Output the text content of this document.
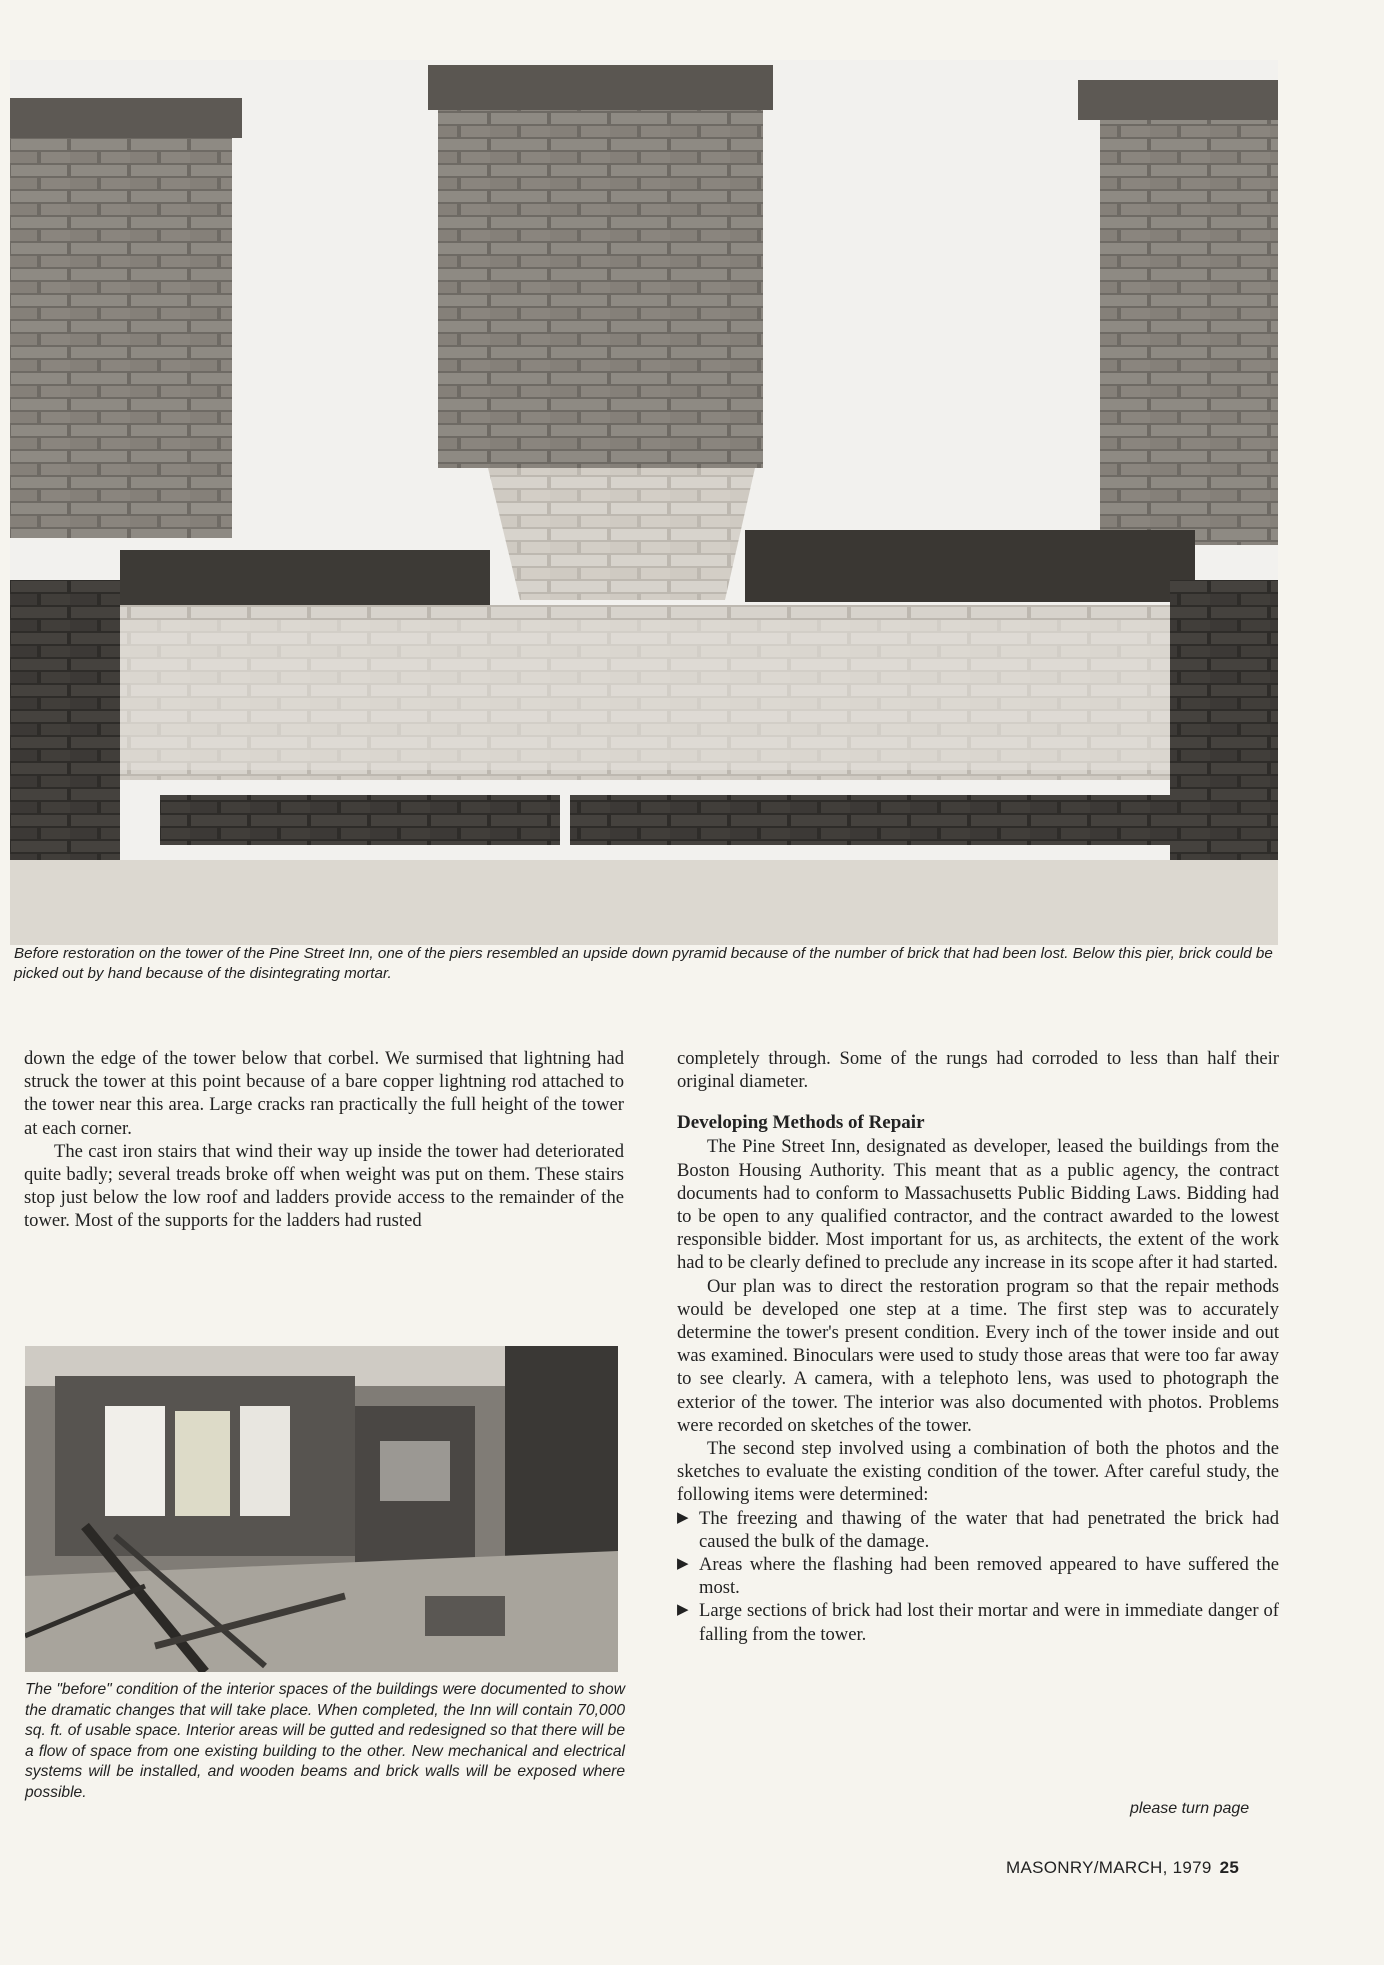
Before restoration on the tower of the Pine Street Inn, one of the piers resembled an upside down pyramid because of the number of brick that had been lost. Below this pier, brick could be picked out by hand because of the disintegrating mortar.

down the edge of the tower below that corbel. We surmised that lightning had struck the tower at this point because of a bare copper lightning rod attached to the tower near this area. Large cracks ran practically the full height of the tower at each corner.

The cast iron stairs that wind their way up inside the tower had deteriorated quite badly; several treads broke off when weight was put on them. These stairs stop just below the low roof and ladders provide access to the remainder of the tower. Most of the supports for the ladders had rusted

The "before" condition of the interior spaces of the buildings were documented to show the dramatic changes that will take place. When completed, the Inn will contain 70,000 sq. ft. of usable space. Interior areas will be gutted and redesigned so that there will be a flow of space from one existing building to the other. New mechanical and electrical systems will be installed, and wooden beams and brick walls will be exposed where possible.

completely through. Some of the rungs had corroded to less than half their original diameter.

Developing Methods of Repair

The Pine Street Inn, designated as developer, leased the buildings from the Boston Housing Authority. This meant that as a public agency, the contract documents had to conform to Massachusetts Public Bidding Laws. Bidding had to be open to any qualified contractor, and the contract awarded to the lowest responsible bidder. Most important for us, as architects, the extent of the work had to be clearly defined to preclude any increase in its scope after it had started.

Our plan was to direct the restoration program so that the repair methods would be developed one step at a time. The first step was to accurately determine the tower's present condition. Every inch of the tower inside and out was examined. Binoculars were used to study those areas that were too far away to see clearly. A camera, with a telephoto lens, was used to photograph the exterior of the tower. The interior was also documented with photos. Problems were recorded on sketches of the tower.

The second step involved using a combination of both the photos and the sketches to evaluate the existing condition of the tower. After careful study, the following items were determined:

▶ The freezing and thawing of the water that had penetrated the brick had caused the bulk of the damage.
▶ Areas where the flashing had been removed appeared to have suffered the most.
▶ Large sections of brick had lost their mortar and were in immediate danger of falling from the tower.
please turn page
MASONRY/MARCH, 1979 25
